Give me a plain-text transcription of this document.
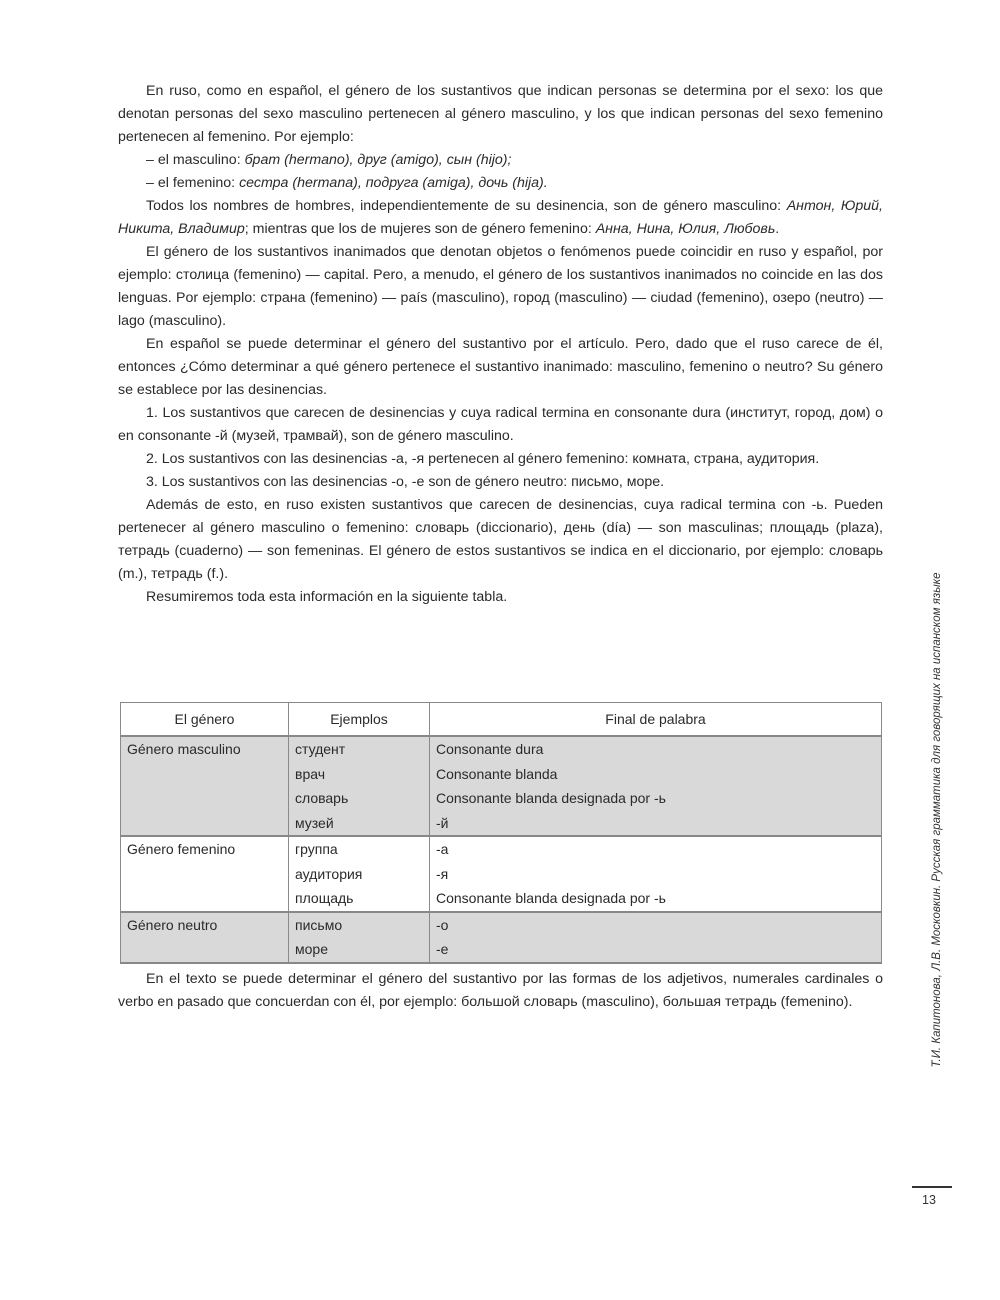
En ruso, como en español, el género de los sustantivos que indican personas se determina por el sexo: los que denotan personas del sexo masculino pertenecen al género masculino, y los que indican personas del sexo femenino pertenecen al femenino. Por ejemplo:

– el masculino: брат (hermano), друг (amigo), сын (hijo);

– el femenino: сестра (hermana), подруга (amiga), дочь (hija).

Todos los nombres de hombres, independientemente de su desinencia, son de género masculino: Антон, Юрий, Никита, Владимир; mientras que los de mujeres son de género femenino: Анна, Нина, Юлия, Любовь.

El género de los sustantivos inanimados que denotan objetos o fenómenos puede coincidir en ruso y español, por ejemplo: столица (femenino) — capital. Pero, a menudo, el género de los sustantivos inanimados no coincide en las dos lenguas. Por ejemplo: страна (femenino) — país (masculino), город (masculino) — ciudad (femenino), озеро (neutro) — lago (masculino).

En español se puede determinar el género del sustantivo por el artículo. Pero, dado que el ruso carece de él, entonces ¿Cómo determinar a qué género pertenece el sustantivo inanimado: masculino, femenino o neutro? Su género se establece por las desinencias.

1. Los sustantivos que carecen de desinencias y cuya radical termina en consonante dura (институт, город, дом) o en consonante -й (музей, трамвай), son de género masculino.

2. Los sustantivos con las desinencias -а, -я pertenecen al género femenino: комната, страна, аудитория.

3. Los sustantivos con las desinencias -о, -е son de género neutro: письмо, море.

Además de esto, en ruso existen sustantivos que carecen de desinencias, cuya radical termina con -ь. Pueden pertenecer al género masculino o femenino: словарь (diccionario), день (día) — son masculinas; площадь (plaza), тетрадь (cuaderno) — son femeninas. El género de estos sustantivos se indica en el diccionario, por ejemplo: словарь (m.), тетрадь (f.).

Resumiremos toda esta información en la siguiente tabla.

El género	Ejemplos	Final de palabra
Género masculino	студент	Consonante dura
	врач	Consonante blanda
	словарь	Consonante blanda designada por -ь
	музей	-й
Género femenino	группа	-а
	аудитория	-я
	площадь	Consonante blanda designada por -ь
Género neutro	письмо	-о
	море	-е

En el texto se puede determinar el género del sustantivo por las formas de los adjetivos, numerales cardinales o verbo en pasado que concuerdan con él, por ejemplo: большой словарь (masculino), большая тетрадь (femenino).	Т.И. Капитонова, Л.В. Московкин. Русская грамматика для говорящих на испанском языке
13
